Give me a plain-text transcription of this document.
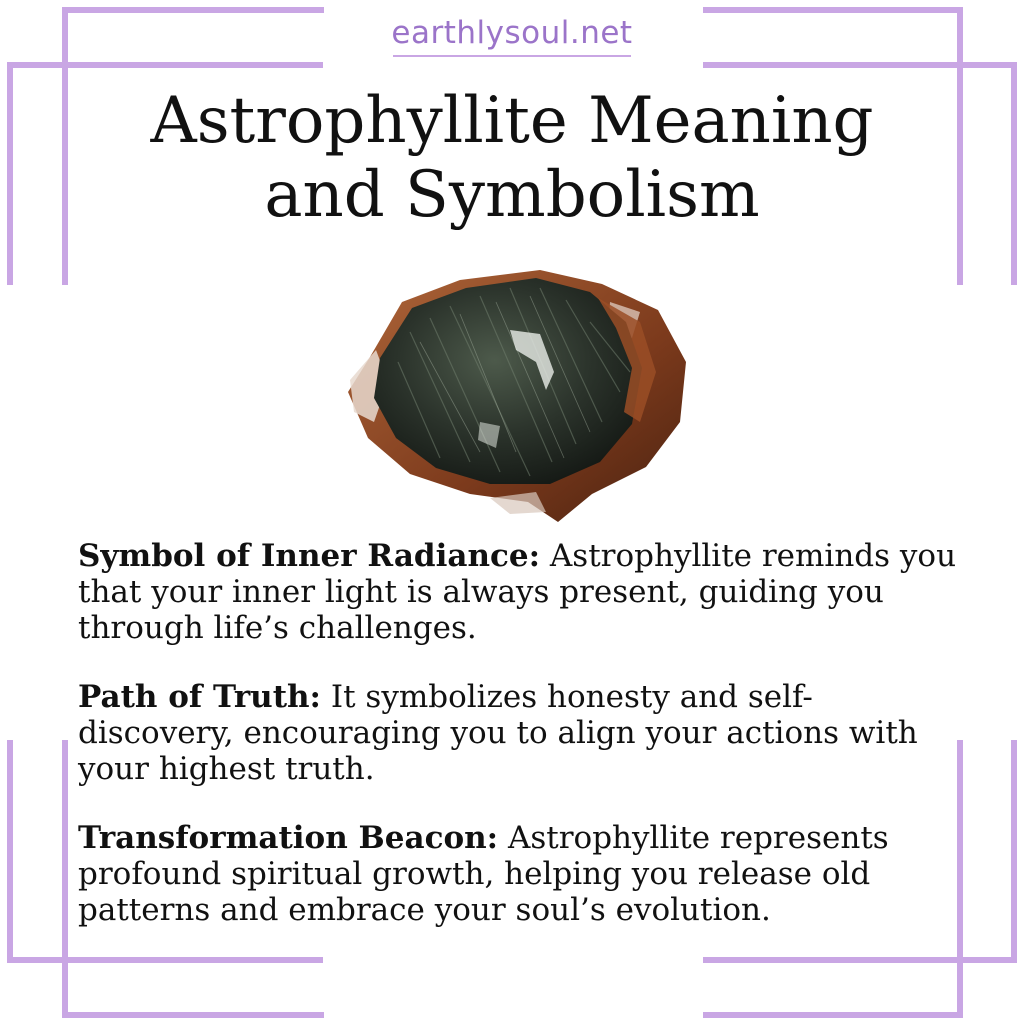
earthlysoul.net
Astrophyllite Meaning
and Symbolism

Symbol of Inner Radiance: Astrophyllite reminds you that your inner light is always present, guiding you through life’s challenges.

Path of Truth: It symbolizes honesty and self-discovery, encouraging you to align your actions with your highest truth.

Transformation Beacon: Astrophyllite represents profound spiritual growth, helping you release old patterns and embrace your soul’s evolution.
